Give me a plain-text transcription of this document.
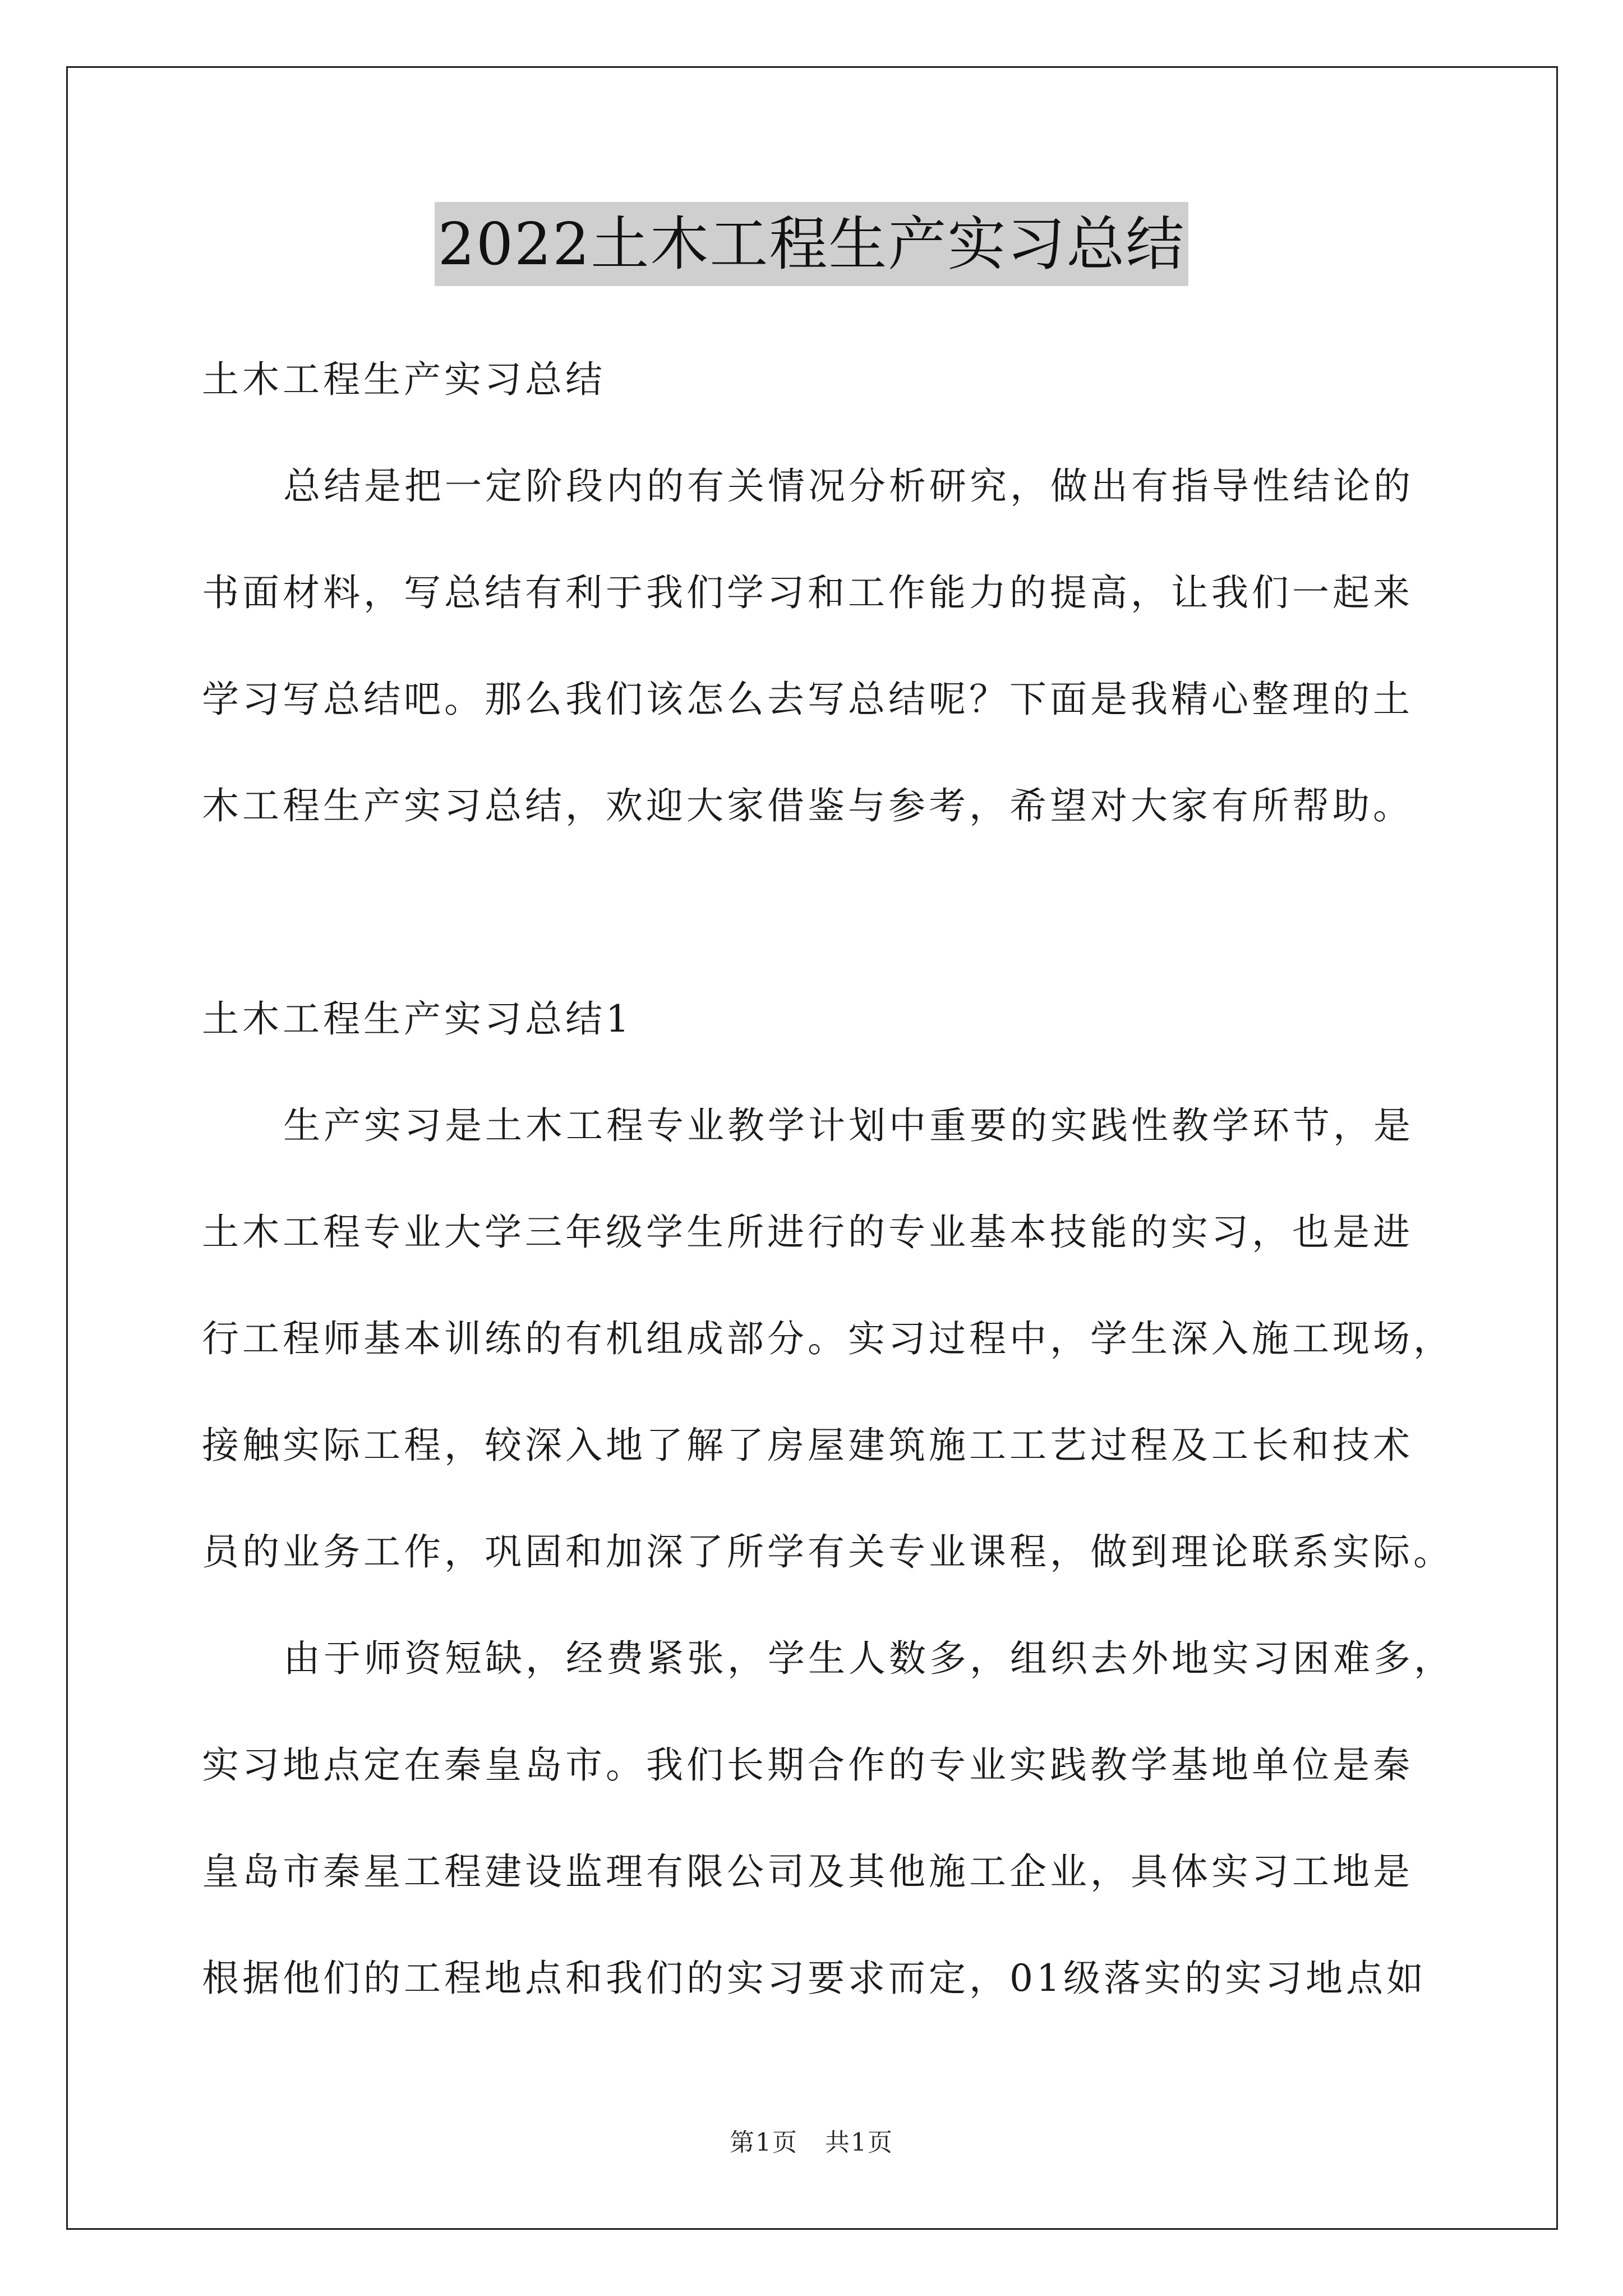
2022土木工程生产实习总结
土木工程生产实习总结
总结是把一定阶段内的有关情况分析研究，做出有指导性结论的
书面材料，写总结有利于我们学习和工作能力的提高，让我们一起来
学习写总结吧。那么我们该怎么去写总结呢？下面是我精心整理的土
木工程生产实习总结，欢迎大家借鉴与参考，希望对大家有所帮助。
土木工程生产实习总结1
生产实习是土木工程专业教学计划中重要的实践性教学环节，是
土木工程专业大学三年级学生所进行的专业基本技能的实习，也是进
行工程师基本训练的有机组成部分。实习过程中，学生深入施工现场，
接触实际工程，较深入地了解了房屋建筑施工工艺过程及工长和技术
员的业务工作，巩固和加深了所学有关专业课程，做到理论联系实际。
由于师资短缺，经费紧张，学生人数多，组织去外地实习困难多，
实习地点定在秦皇岛市。我们长期合作的专业实践教学基地单位是秦
皇岛市秦星工程建设监理有限公司及其他施工企业，具体实习工地是
根据他们的工程地点和我们的实习要求而定，01级落实的实习地点如
第1页 共1页
